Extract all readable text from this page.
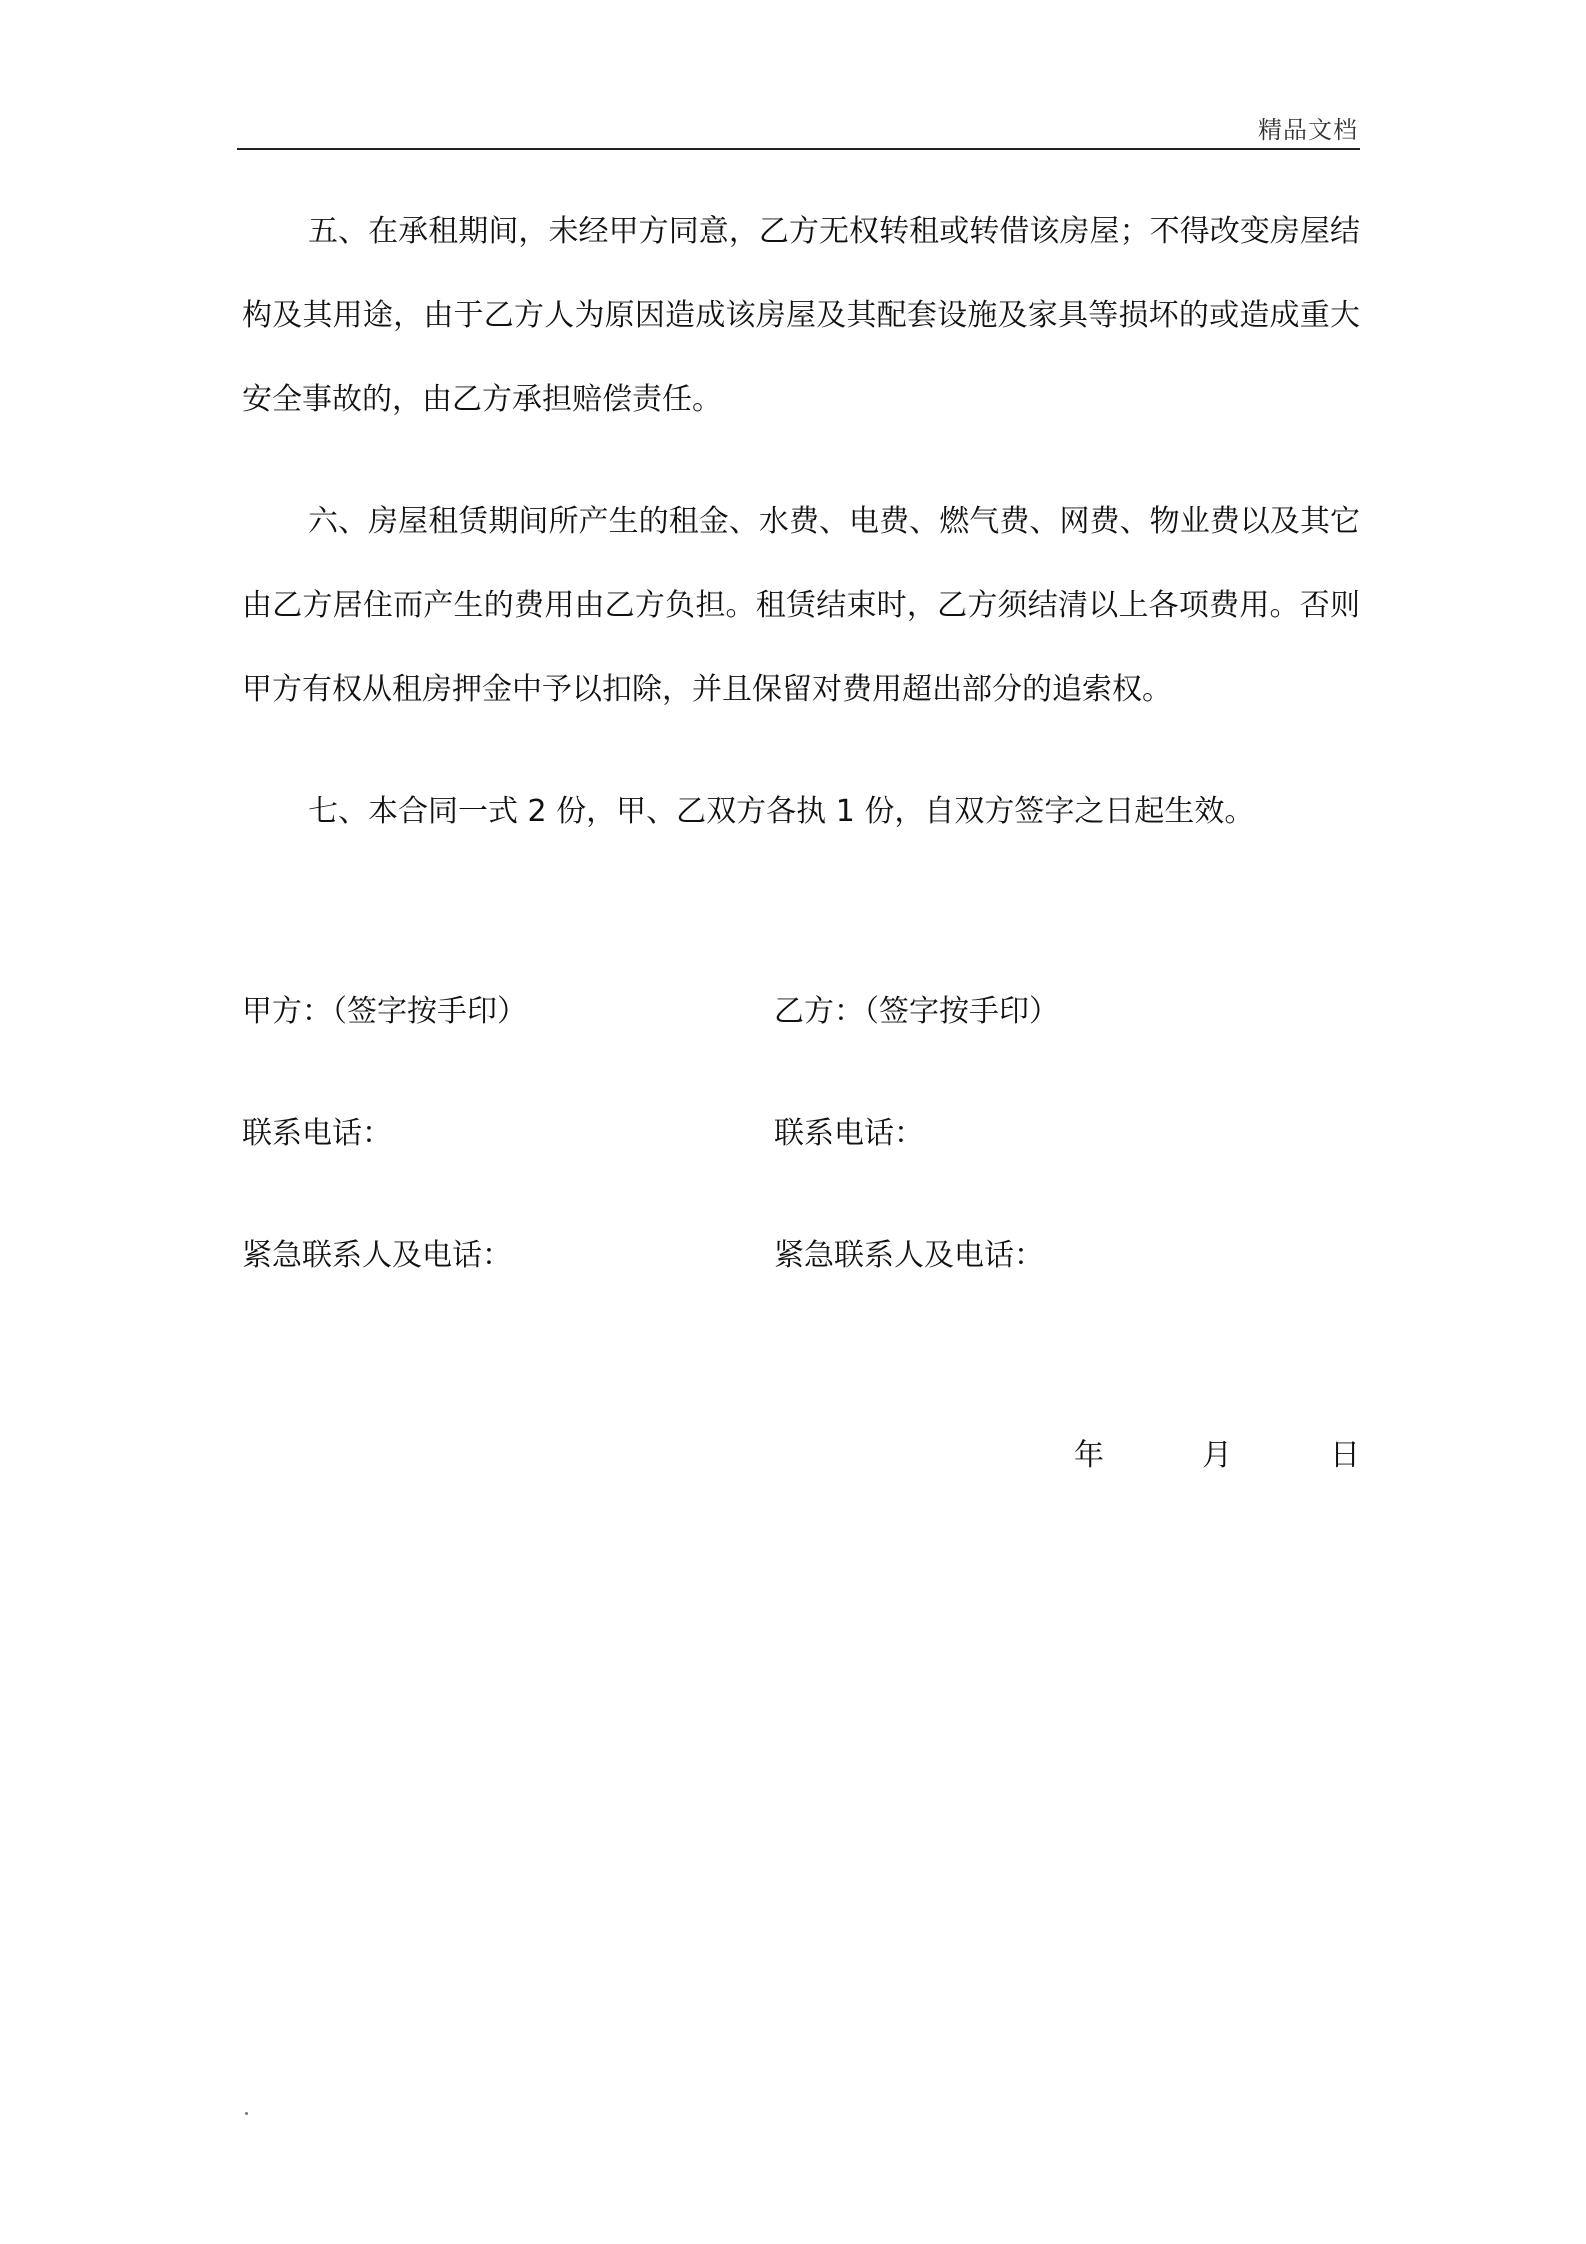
精品文档

五、在承租期间，未经甲方同意，乙方无权转租或转借该房屋；不得改变房屋结构及其用途，由于乙方人为原因造成该房屋及其配套设施及家具等损坏的或造成重大安全事故的，由乙方承担赔偿责任。

六、房屋租赁期间所产生的租金、水费、电费、燃气费、网费、物业费以及其它由乙方居住而产生的费用由乙方负担。租赁结束时，乙方须结清以上各项费用。否则甲方有权从租房押金中予以扣除，并且保留对费用超出部分的追索权。

七、本合同一式 2 份，甲、乙双方各执 1 份，自双方签字之日起生效。

甲方：（签字按手印）	乙方：（签字按手印）
联系电话：	联系电话：
紧急联系人及电话：	紧急联系人及电话：
年	月	日
